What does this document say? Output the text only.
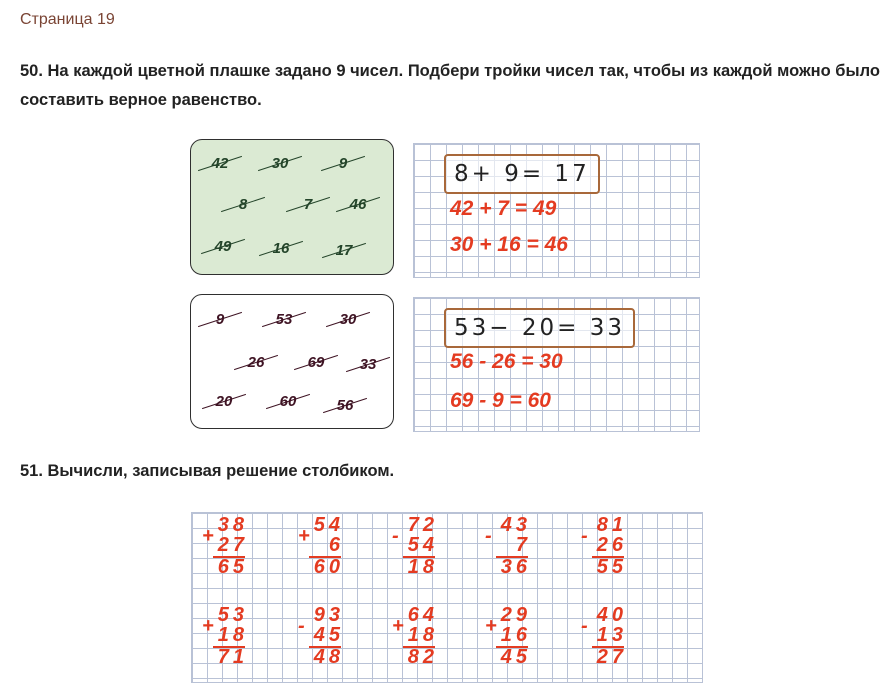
Страница 19
50. На каждой цветной плашке задано 9 чисел. Подбери тройки чисел так, чтобы из каждой можно было составить верное равенство.
42	30	9
8	7	46
49	16	17
8+ 9= 17
42 + 7 = 49
30 + 16 = 46
9	53	30
26	69	33
20	60	56
53− 20= 33
56 - 26 = 30
69 - 9 = 60
51. Вычисли, записывая решение столбиком.
+ 38
27
65
+ 54
6
60
- 72
54
18
- 43
7
36
- 81
26
55
+ 53
18
71
- 93
45
48
+ 64
18
82
+ 29
16
45
- 40
13
27
